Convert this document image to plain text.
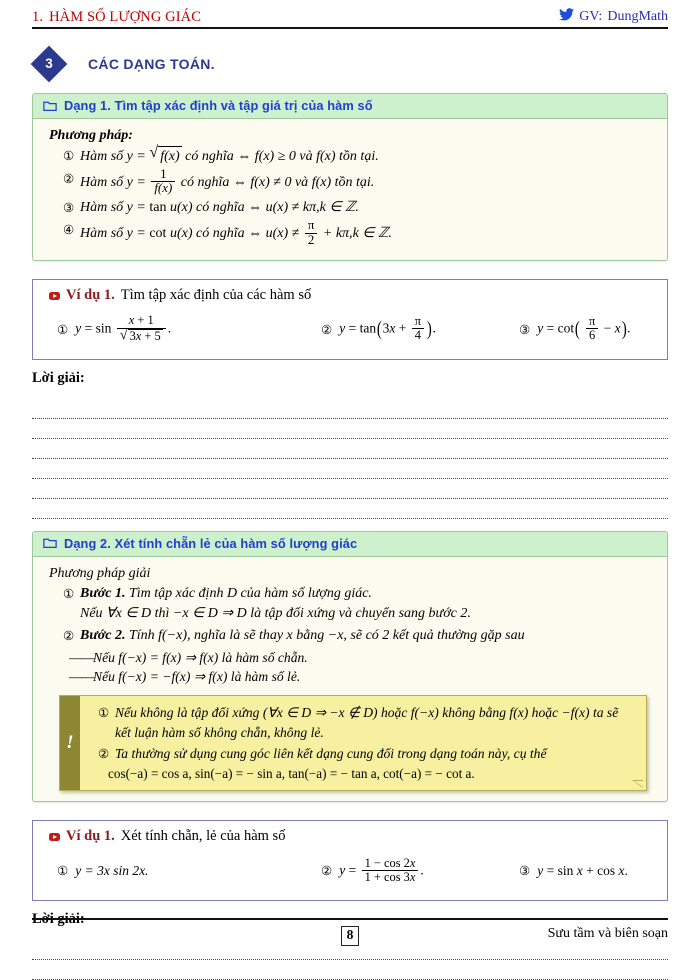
1. HÀM SỐ LƯỢNG GIÁC	GV: DungMath
3	CÁC DẠNG TOÁN.
Dạng 1. Tìm tập xác định và tập giá trị của hàm số
Phương pháp:
① Hàm số y = √ f(x) có nghĩa ⇔ f(x) ≥ 0 và f(x) tồn tại.
② Hàm số $y = \frac{1}{f(x)}$ có nghĩa ⇔ f(x) ≠ 0 và f(x) tồn tại.
③ Hàm số y = tan u(x) có nghĩa ⇔ u(x) ≠ kπ,k ∈ ℤ.
④ Hàm số y = cot u(x) có nghĩa ⇔ $u(x) \ne \frac{\pi}{2} + k\pi,k$ ∈ ℤ.
Ví dụ 1. Tìm tập xác định của các hàm số
① $y = \sin \frac{x + 1}{√ 3x + 5}$ .	② $y = \tan(3x + \frac{\pi}{4}$ ).	③ $y = \cot( \frac{\pi}{6} - x)$.
Lời giải:
Dạng 2. Xét tính chẵn lẻ của hàm số lượng giác
Phương pháp giải
① Bước 1. Tìm tập xác định D của hàm số lượng giác.
Nếu ∀x ∈ D thì −x ∈ D ⇒ D là tập đối xứng và chuyển sang bước 2.
② Bước 2. Tính f(−x), nghĩa là sẽ thay x bằng −x, sẽ có 2 kết quả thường gặp sau
——
Nếu f(−x) = f(x) ⇒ f(x) là hàm số chẵn.
——
Nếu f(−x) = −f(x) ⇒ f(x) là hàm số lẻ.
!
① Nếu không là tập đối xứng (∀x ∈ D ⇒ −x ∉ D) hoặc f(−x) không bằng f(x) hoặc −f(x) ta sẽ kết luận hàm số không chẵn, không lẻ.
② Ta thường sử dụng cung góc liên kết dạng cung đối trong dạng toán này, cụ thể
cos(−a) = cos a, sin(−a) = − sin a, tan(−a) = − tan a, cot(−a) = − cot a.
Ví dụ 1. Xét tính chẵn, lẻ của hàm số
① y = 3x sin 2x.	② $y = \frac{1 - \cos 2x}{1 + \cos 3x}$ .	③ y = sin x + cos x.
Lời giải:
8	Sưu tầm và biên soạn
